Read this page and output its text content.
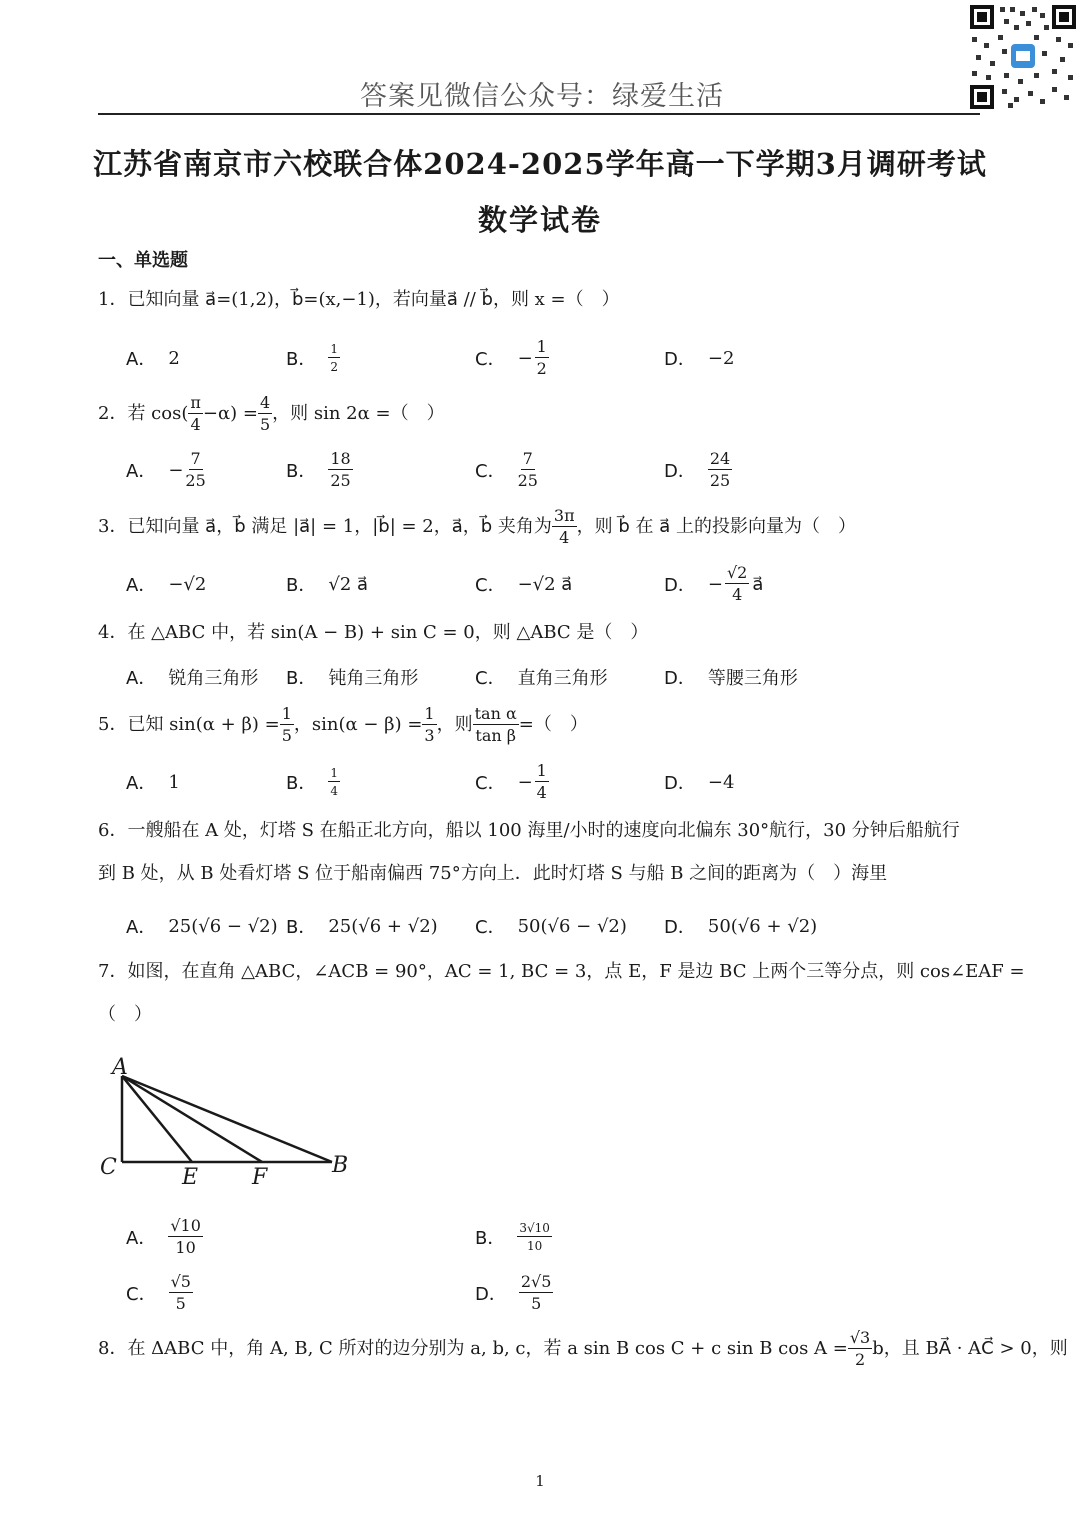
答案见微信公众号：绿爱生活
江苏省南京市六校联合体2024-2025学年高一下学期3月调研考试
数学试卷
一、单选题
1．已知向量 a⃗=(1,2)，b⃗=(x,−1)，若向量a⃗ // b⃗，则 x =（　）
A． 2	B． $\frac{1}{2}$	C． − $\frac{1}{2}$	D． −2
2．若 $\cos( \frac{\pi}{4} -\alpha) = \frac{4}{5}$ ，则 sin 2α =（　）
A． − $\frac{7}{25}$	B． $\frac{18}{25}$	C． $\frac{7}{25}$	D． $\frac{24}{25}$
3．已知向量 a⃗，b⃗ 满足 |a⃗| = 1，|b⃗| = 2，a⃗，b⃗ 夹角为 $\frac{3\pi}{4}$ ，则 b⃗ 在 a⃗ 上的投影向量为（　）
A． −√2	B． √2 a⃗	C． −√2 a⃗	D． − $\frac{√2}{4}$ a⃗
4．在 △ABC 中，若 sin(A − B) + sin C = 0，则 △ABC 是（　）
A． 锐角三角形 B． 钝角三角形	C． 直角三角形	D． 等腰三角形
5．已知 $\sin(\alpha + \beta) = \frac{1}{5}$ ，$\sin(\alpha - \beta) = \frac{1}{3}$ ，则 $\frac{\text{tan α}}{\text{tan β}}$ =（　）
A． 1	B． $\frac{1}{4}$	C． − $\frac{1}{4}$	D． −4
6．一艘船在 A 处，灯塔 S 在船正北方向，船以 100 海里/小时的速度向北偏东 30°航行，30 分钟后船航行
到 B 处，从 B 处看灯塔 S 位于船南偏西 75°方向上．此时灯塔 S 与船 B 之间的距离为（　）海里
A． 25(√6 − √2) B． 25(√6 + √2) C． 50(√6 − √2) D． 50(√6 + √2)
7．如图，在直角 △ABC，∠ACB = 90°，AC = 1, BC = 3，点 E，F 是边 BC 上两个三等分点，则 cos∠EAF =
（　）
A
C	E F	B
A． $\frac{√10}{10}$	B． $\frac{3√10}{10}$
C． $\frac{√5}{5}$	D． $\frac{2√5}{5}$
8．在 ΔABC 中，角 A, B, C 所对的边分别为 a, b, c，若 a sin B cos C + c sin B $\cos A = \frac{√3}{2}$ b，且 BA⃗ · AC⃗ > 0，则
1
